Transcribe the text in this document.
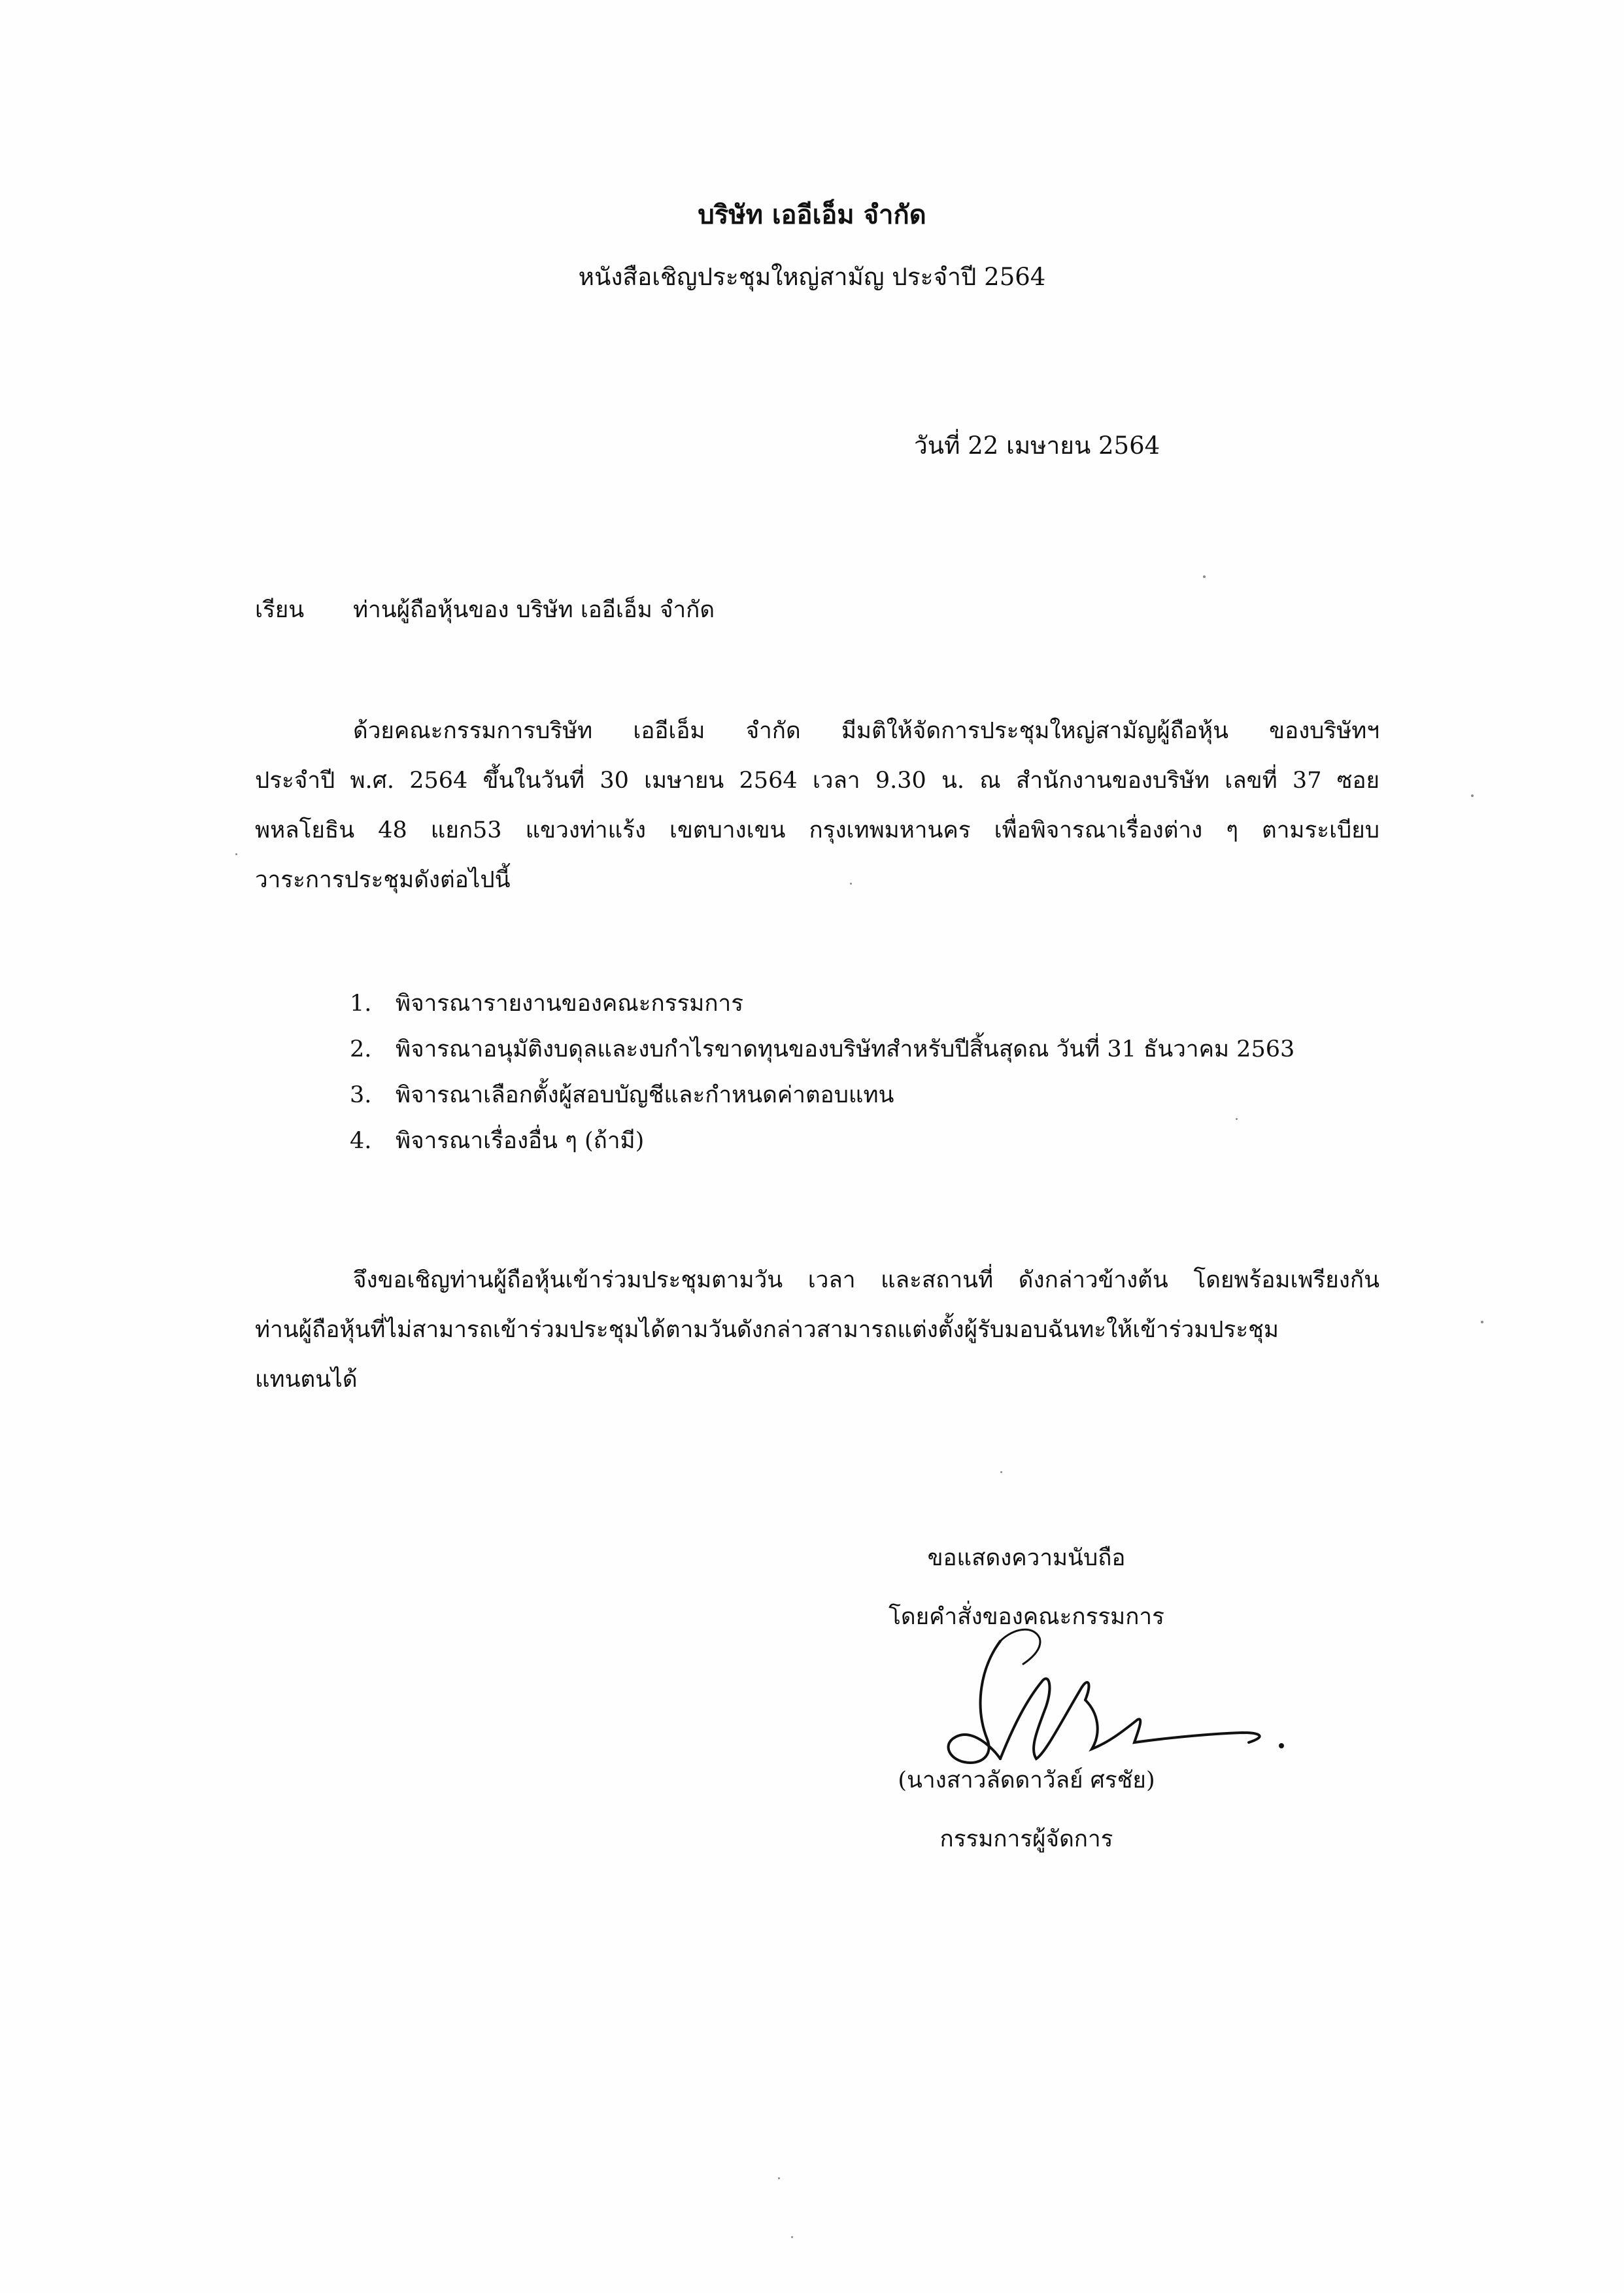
บริษัท เออีเอ็ม จำกัด
หนังสือเชิญประชุมใหญ่สามัญ ประจำปี 2564
วันที่ 22 เมษายน 2564
เรียน ท่านผู้ถือหุ้นของ บริษัท เออีเอ็ม จำกัด
ด้วยคณะกรรมการบริษัท เออีเอ็ม จำกัด มีมติให้จัดการประชุมใหญ่สามัญผู้ถือหุ้น ของบริษัทฯ
ประจำปี พ.ศ. 2564 ขึ้นในวันที่ 30 เมษายน 2564 เวลา 9.30 น. ณ สำนักงานของบริษัท เลขที่ 37 ซอย
พหลโยธิน 48 แยก53 แขวงท่าแร้ง เขตบางเขน กรุงเทพมหานคร เพื่อพิจารณาเรื่องต่าง ๆ ตามระเบียบ
วาระการประชุมดังต่อไปนี้
1. พิจารณารายงานของคณะกรรมการ
2. พิจารณาอนุมัติงบดุลและงบกำไรขาดทุนของบริษัทสำหรับปีสิ้นสุดณ วันที่ 31 ธันวาคม 2563
3. พิจารณาเลือกตั้งผู้สอบบัญชีและกำหนดค่าตอบแทน
4. พิจารณาเรื่องอื่น ๆ (ถ้ามี)
จึงขอเชิญท่านผู้ถือหุ้นเข้าร่วมประชุมตามวัน เวลา และสถานที่ ดังกล่าวข้างต้น โดยพร้อมเพรียงกัน
ท่านผู้ถือหุ้นที่ไม่สามารถเข้าร่วมประชุมได้ตามวันดังกล่าวสามารถแต่งตั้งผู้รับมอบฉันทะให้เข้าร่วมประชุม
แทนตนได้
ขอแสดงความนับถือ
โดยคำสั่งของคณะกรรมการ
(นางสาวลัดดาวัลย์ ศรชัย)
กรรมการผู้จัดการ
